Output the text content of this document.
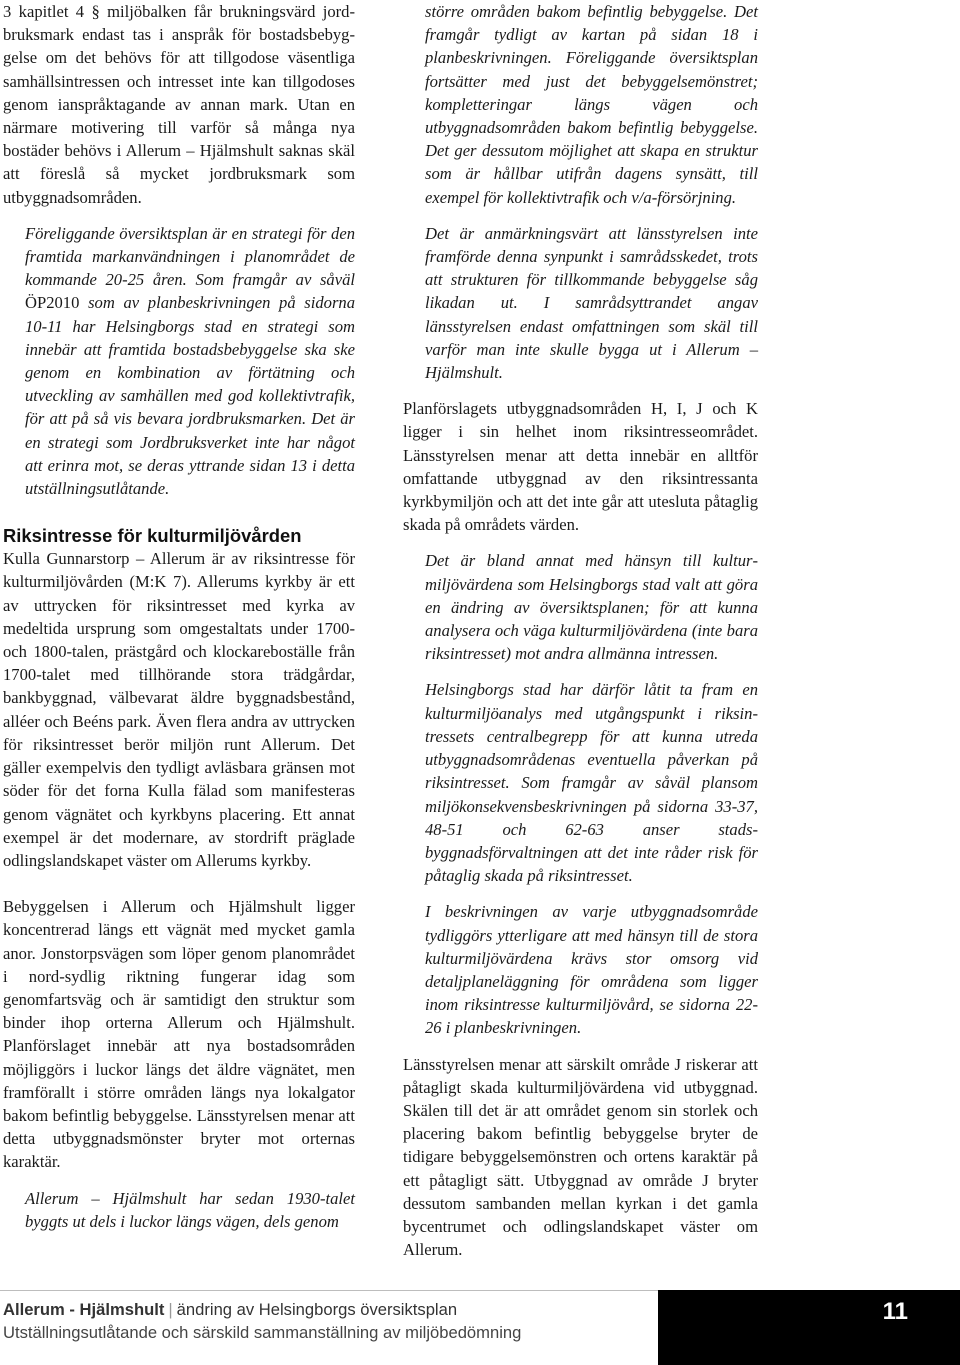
3 kapitlet 4 § miljöbalken får brukningsvärd jordbruksmark endast tas i anspråk för bostadsbebyggelse om det behövs för att tillgodose väsentliga samhällsintressen och intresset inte kan tillgodoses genom ianspråktagande av annan mark. Utan en närmare motivering till varför så många nya bostäder behövs i Allerum – Hjälmshult saknas skäl att föreslå så mycket jordbruksmark som utbyggnadsområden.

Föreliggande översiktsplan är en strategi för den framtida markanvändningen i planområdet de kommande 20-25 åren. Som framgår av såväl ÖP2010 som av planbeskrivningen på sidorna 10-11 har Helsingborgs stad en strategi som innebär att framtida bostadsbebyggelse ska ske genom en kombination av förtätning och utveckling av samhällen med god kollektivtrafik, för att på så vis bevara jordbruksmarken. Det är en strategi som Jordbruksverket inte har något att erinra mot, se deras yttrande sidan 13 i detta utställningsutlåtande.

Riksintresse för kulturmiljövården

Kulla Gunnarstorp – Allerum är av riksintresse för kulturmiljövården (M:K 7). Allerums kyrkby är ett av uttrycken för riksintresset med kyrka av medeltida ursprung som omgestaltats under 1700- och 1800-talen, prästgård och klockareboställe från 1700-talet med tillhörande stora trädgårdar, bankbyggnad, välbevarat äldre byggnadsbestånd, alléer och Beéns park. Även flera andra av uttrycken för riksintresset berör miljön runt Allerum. Det gäller exempelvis den tydligt avläsbara gränsen mot söder för det forna Kulla fälad som manifesteras genom vägnätet och kyrkbyns placering. Ett annat exempel är det modernare, av stordrift präglade odlingslandskapet väster om Allerums kyrkby.

Bebyggelsen i Allerum och Hjälmshult ligger koncentrerad längs ett vägnät med mycket gamla anor. Jonstorpsvägen som löper genom planområdet i nord-sydlig riktning fungerar idag som genomfartsväg och är samtidigt den struktur som binder ihop orterna Allerum och Hjälmshult. Planförslaget innebär att nya bostadsområden möjliggörs i luckor längs det äldre vägnätet, men framförallt i större områden längs nya lokalgator bakom befintlig bebyggelse. Länsstyrelsen menar att detta utbyggnadsmönster bryter mot orternas karaktär.

Allerum – Hjälmshult har sedan 1930-talet byggts ut dels i luckor längs vägen, dels genom

större områden bakom befintlig bebyggelse. Det framgår tydligt av kartan på sidan 18 i planbeskrivningen. Föreliggande översiktsplan fortsätter med just det bebyggelsemönstret; kompletteringar längs vägen och utbyggnadsområden bakom befintlig bebyggelse. Det ger dessutom möjlighet att skapa en struktur som är hållbar utifrån dagens synsätt, till exempel för kollektivtrafik och v/a-försörjning.

Det är anmärkningsvärt att länsstyrelsen inte framförde denna synpunkt i samrådsskedet, trots att strukturen för tillkommande bebyggelse såg likadan ut. I samrådsyttrandet angav länsstyrelsen endast omfattningen som skäl till varför man inte skulle bygga ut i Allerum – Hjälmshult.

Planförslagets utbyggnadsområden H, I, J och K ligger i sin helhet inom riksintresseområdet. Länsstyrelsen menar att detta innebär en alltför omfattande utbyggnad av den riksintressanta kyrkbymiljön och att det inte går att utesluta påtaglig skada på områdets värden.

Det är bland annat med hänsyn till kulturmiljövärdena som Helsingborgs stad valt att göra en ändring av översiktsplanen; för att kunna analysera och väga kulturmiljövärdena (inte bara riksintresset) mot andra allmänna intressen.

Helsingborgs stad har därför låtit ta fram en kulturmiljöanalys med utgångspunkt i riksintressets centralbegrepp för att kunna utreda utbyggnadsområdenas eventuella påverkan på riksintresset. Som framgår av såväl plansom miljökonsekvensbeskrivningen på sidorna 33-37, 48-51 och 62-63 anser stadsbyggnadsförvaltningen att det inte råder risk för påtaglig skada på riksintresset.

I beskrivningen av varje utbyggnadsområde tydliggörs ytterligare att med hänsyn till de stora kulturmiljövärdena krävs stor omsorg vid detaljplaneläggning för områdena som ligger inom riksintresse kulturmiljövård, se sidorna 22-26 i planbeskrivningen.

Länsstyrelsen menar att särskilt område J riskerar att påtagligt skada kulturmiljövärdena vid utbyggnad. Skälen till det är att området genom sin storlek och placering bakom befintlig bebyggelse bryter de tidigare bebyggelsemönstren och ortens karaktär på ett påtagligt sätt. Utbyggnad av område J bryter dessutom sambanden mellan kyrkan i det gamla bycentrumet och odlingslandskapet väster om Allerum.

Allerum - Hjälmshult | ändring av Helsingborgs översiktsplan
Utställningsutlåtande och särskild sammanställning av miljöbedömning
11
